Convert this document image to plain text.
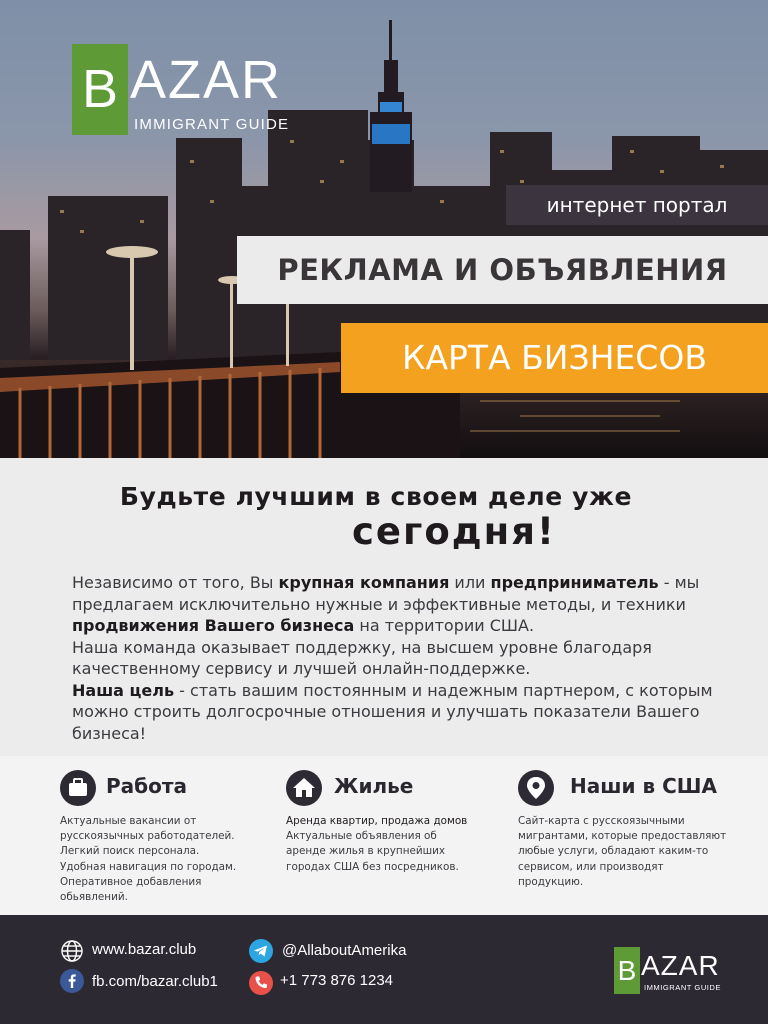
B AZAR
IMMIGRANT GUIDE
интернет портал
РЕКЛАМА И ОБЪЯВЛЕНИЯ
КАРТА БИЗНЕСОВ
Будьте лучшим в своем деле уже
сегодня!
Независимо от того, Вы крупная компания или предприниматель - мы предлагаем исключительно нужные и эффективные методы, и техники продвижения Вашего бизнеса на территории США.
Наша команда оказывает поддержку, на высшем уровне благодаря качественному сервису и лучшей онлайн-поддержке.
Наша цель - стать вашим постоянным и надежным партнером, с которым можно строить долгосрочные отношения и улучшать показатели Вашего бизнеса!
Работа
Актуальные вакансии от
русскоязычных работодателей.
Легкий поиск персонала.
Удобная навигация по городам.
Оперативное добавления
обьявлений.
Жилье
Аренда квартир, продажа домов
Актуальные объявления об
аренде жилья в крупнейших
городах США без посредников.
Наши в США
Сайт-карта с русскоязычными
мигрантами, которые предоставляют
любые услуги, обладают каким-то
сервисом, или производят
продукцию.
www.bazar.club
fb.com/bazar.club1
@AllaboutAmerika
+1 773 876 1234	B AZAR
IMMIGRANT GUIDE
